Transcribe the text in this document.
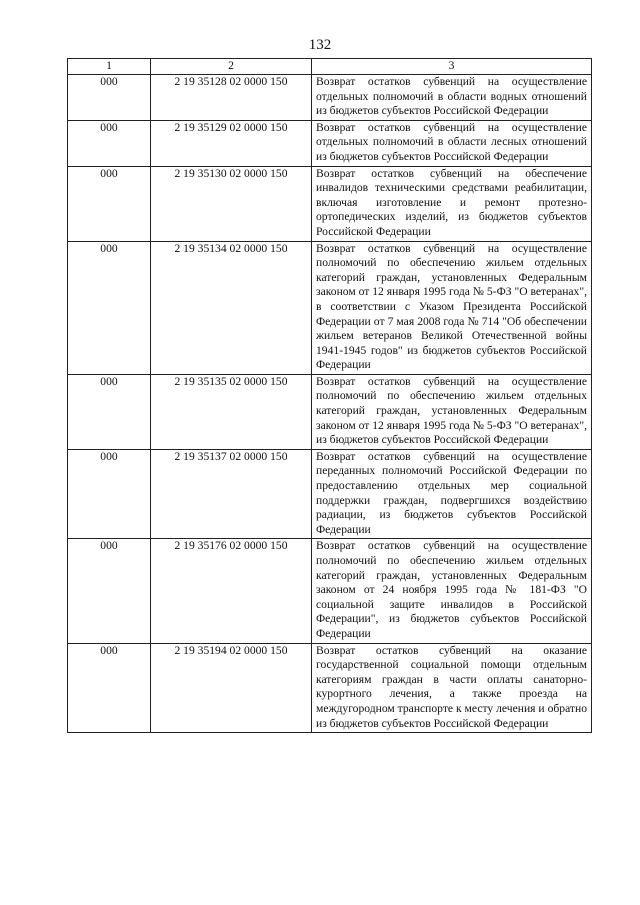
132
1	2	3
000	2 19 35128 02 0000 150	Возврат остатков субвенций на осуществление отдельных полномочий в области водных отношений из бюджетов субъектов Российской Федерации
000	2 19 35129 02 0000 150	Возврат остатков субвенций на осуществление отдельных полномочий в области лесных отношений из бюджетов субъектов Российской Федерации
000	2 19 35130 02 0000 150	Возврат остатков субвенций на обеспечение инвалидов техническими средствами реабилитации, включая изготовление и ремонт протезно-ортопедических изделий, из бюджетов субъектов Российской Федерации
000	2 19 35134 02 0000 150	Возврат остатков субвенций на осуществление полномочий по обеспечению жильем отдельных категорий граждан, установленных Федеральным законом от 12 января 1995 года № 5-ФЗ "О ветеранах", в соответствии с Указом Президента Российской Федерации от 7 мая 2008 года № 714 "Об обеспечении жильем ветеранов Великой Отечественной войны 1941-1945 годов" из бюджетов субъектов Российской Федерации
000	2 19 35135 02 0000 150	Возврат остатков субвенций на осуществление полномочий по обеспечению жильем отдельных категорий граждан, установленных Федеральным законом от 12 января 1995 года № 5-ФЗ "О ветеранах", из бюджетов субъектов Российской Федерации
000	2 19 35137 02 0000 150	Возврат остатков субвенций на осуществление переданных полномочий Российской Федерации по предоставлению отдельных мер социальной поддержки граждан, подвергшихся воздействию радиации, из бюджетов субъектов Российской Федерации
000	2 19 35176 02 0000 150	Возврат остатков субвенций на осуществление полномочий по обеспечению жильем отдельных категорий граждан, установленных Федеральным законом от 24 ноября 1995 года № 181-ФЗ "О социальной защите инвалидов в Российской Федерации", из бюджетов субъектов Российской Федерации
000	2 19 35194 02 0000 150	Возврат остатков субвенций на оказание государственной социальной помощи отдельным категориям граждан в части оплаты санаторно-курортного лечения, а также проезда на междугородном транспорте к месту лечения и обратно из бюджетов субъектов Российской Федерации
